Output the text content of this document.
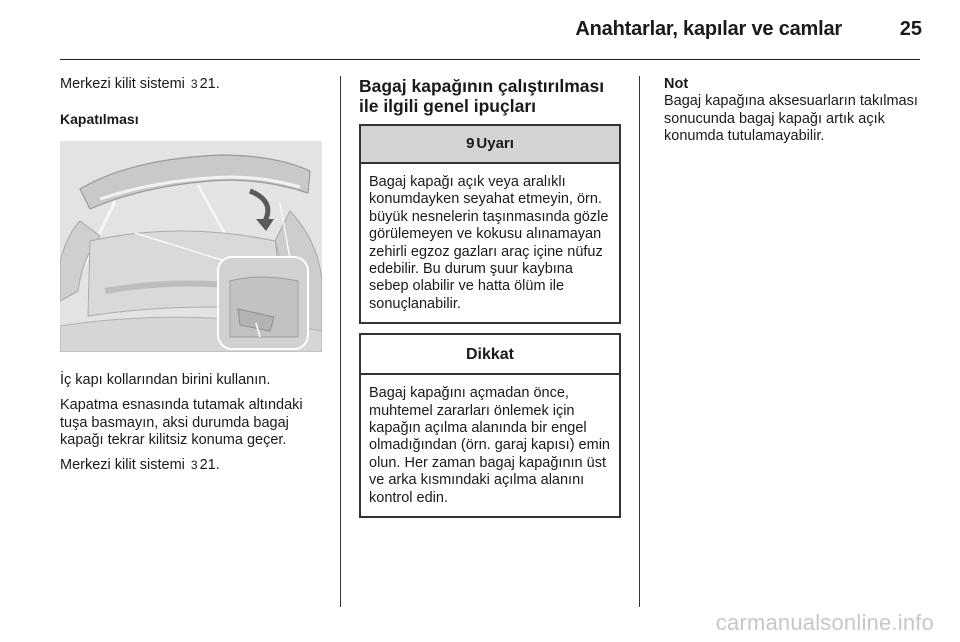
Anahtarlar, kapılar ve camlar	25

Merkezi kilit sistemi 3 21.

Kapatılması

İç kapı kollarından birini kullanın.

Kapatma esnasında tutamak altındaki tuşa basmayın, aksi durumda bagaj kapağı tekrar kilitsiz konuma geçer.

Merkezi kilit sistemi 3 21.

Bagaj kapağının çalıştırılması ile ilgili genel ipuçları
9 Uyarı
Bagaj kapağı açık veya aralıklı konumdayken seyahat etmeyin, örn. büyük nesnelerin taşınmasında gözle görülemeyen ve kokusu alınamayan zehirli egzoz gazları araç içine nüfuz edebilir. Bu durum şuur kaybına sebep olabilir ve hatta ölüm ile sonuçlanabilir.
Dikkat
Bagaj kapağını açmadan önce, muhtemel zararları önlemek için kapağın açılma alanında bir engel olmadığından (örn. garaj kapısı) emin olun. Her zaman bagaj kapağının üst ve arka kısmındaki açılma alanını kontrol edin.
Not
Bagaj kapağına aksesuarların takılması sonucunda bagaj kapağı artık açık konumda tutulamayabilir.
carmanualsonline.info
